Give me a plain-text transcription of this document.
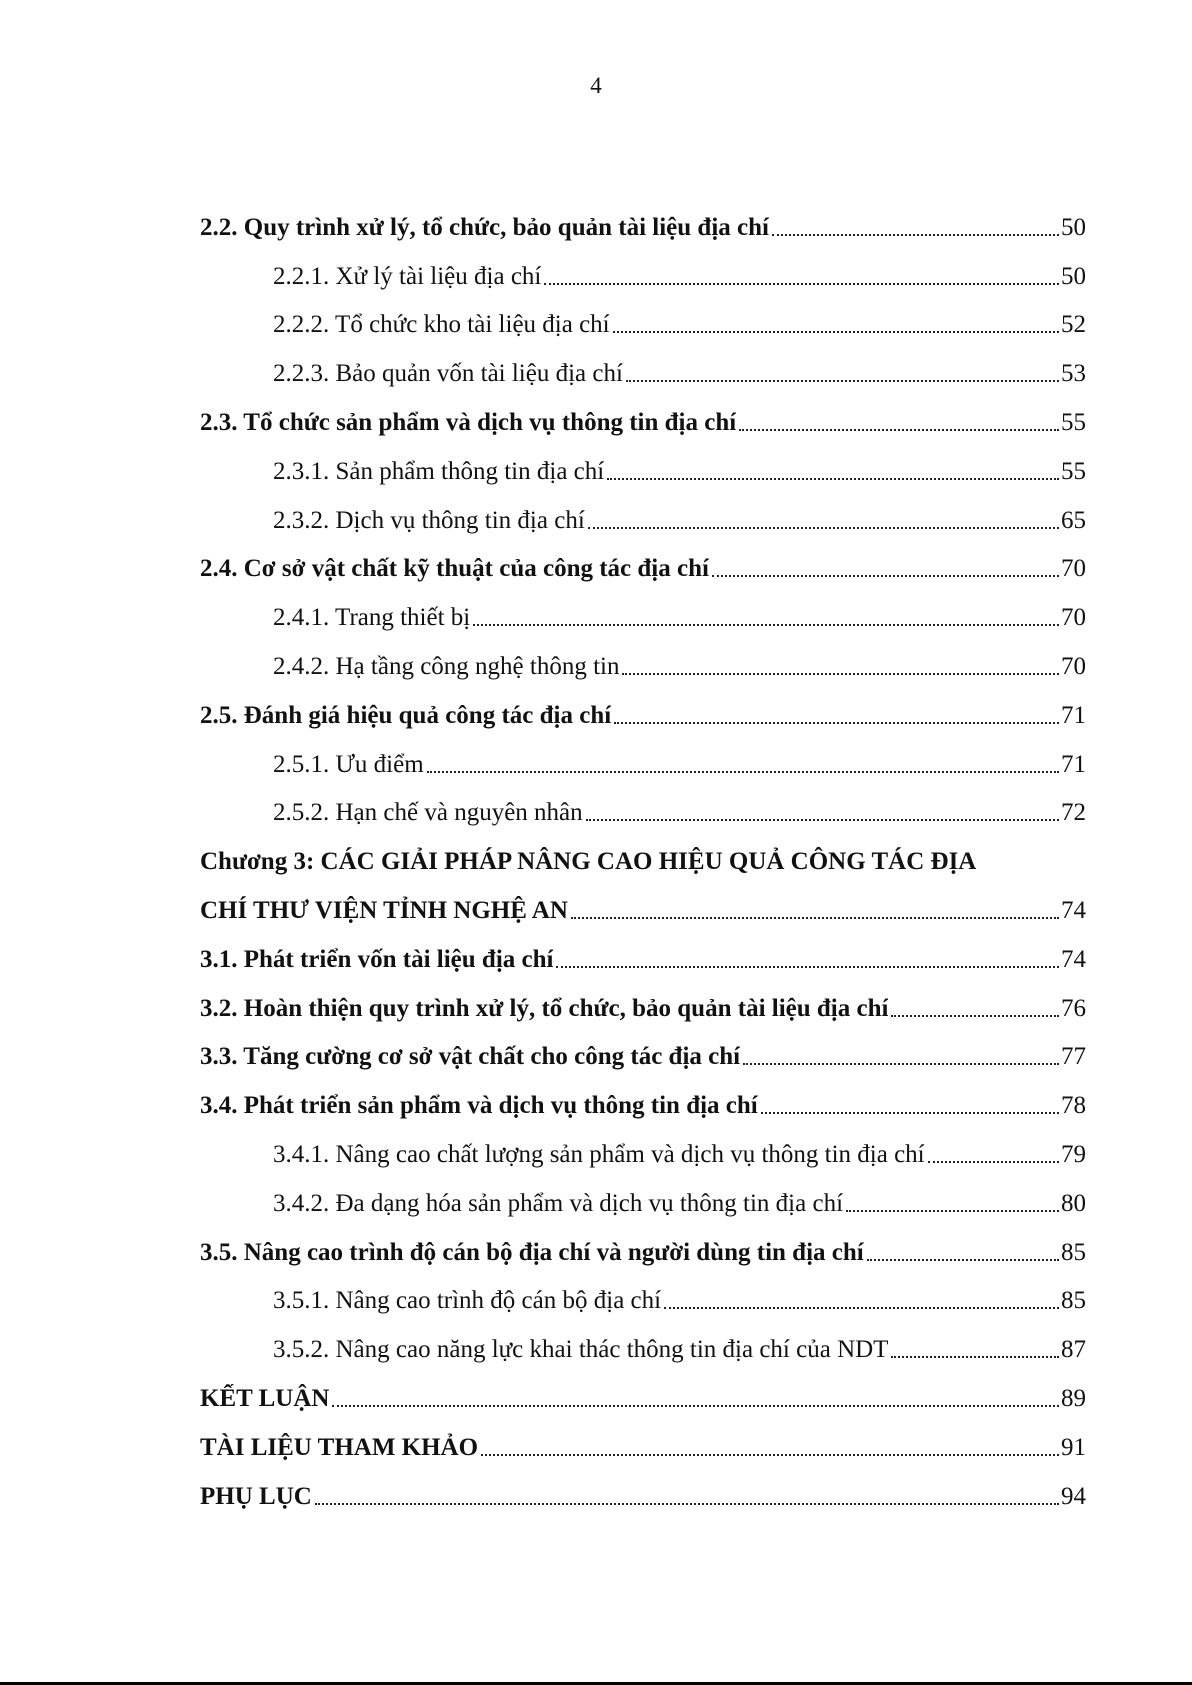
4
2.2. Quy trình xử lý, tổ chức, bảo quản tài liệu địa chí	50
2.2.1. Xử lý tài liệu địa chí	50
2.2.2. Tổ chức kho tài liệu địa chí	52
2.2.3. Bảo quản vốn tài liệu địa chí	53
2.3. Tổ chức sản phẩm và dịch vụ thông tin địa chí	55
2.3.1. Sản phẩm thông tin địa chí	55
2.3.2. Dịch vụ thông tin địa chí	65
2.4. Cơ sở vật chất kỹ thuật của công tác địa chí	70
2.4.1. Trang thiết bị	70
2.4.2. Hạ tầng công nghệ thông tin	70
2.5. Đánh giá hiệu quả công tác địa chí	71
2.5.1. Ưu điểm	71
2.5.2. Hạn chế và nguyên nhân	72
Chương 3: CÁC GIẢI PHÁP NÂNG CAO HIỆU QUẢ CÔNG TÁC ĐỊA
CHÍ THƯ VIỆN TỈNH NGHỆ AN	74
3.1. Phát triển vốn tài liệu địa chí	74
3.2. Hoàn thiện quy trình xử lý, tổ chức, bảo quản tài liệu địa chí	76
3.3. Tăng cường cơ sở vật chất cho công tác địa chí	77
3.4. Phát triển sản phẩm và dịch vụ thông tin địa chí	78
3.4.1. Nâng cao chất lượng sản phẩm và dịch vụ thông tin địa chí	79
3.4.2. Đa dạng hóa sản phẩm và dịch vụ thông tin địa chí	80
3.5. Nâng cao trình độ cán bộ địa chí và người dùng tin địa chí	85
3.5.1. Nâng cao trình độ cán bộ địa chí	85
3.5.2. Nâng cao năng lực khai thác thông tin địa chí của NDT	87
KẾT LUẬN	89
TÀI LIỆU THAM KHẢO	91
PHỤ LỤC	94
